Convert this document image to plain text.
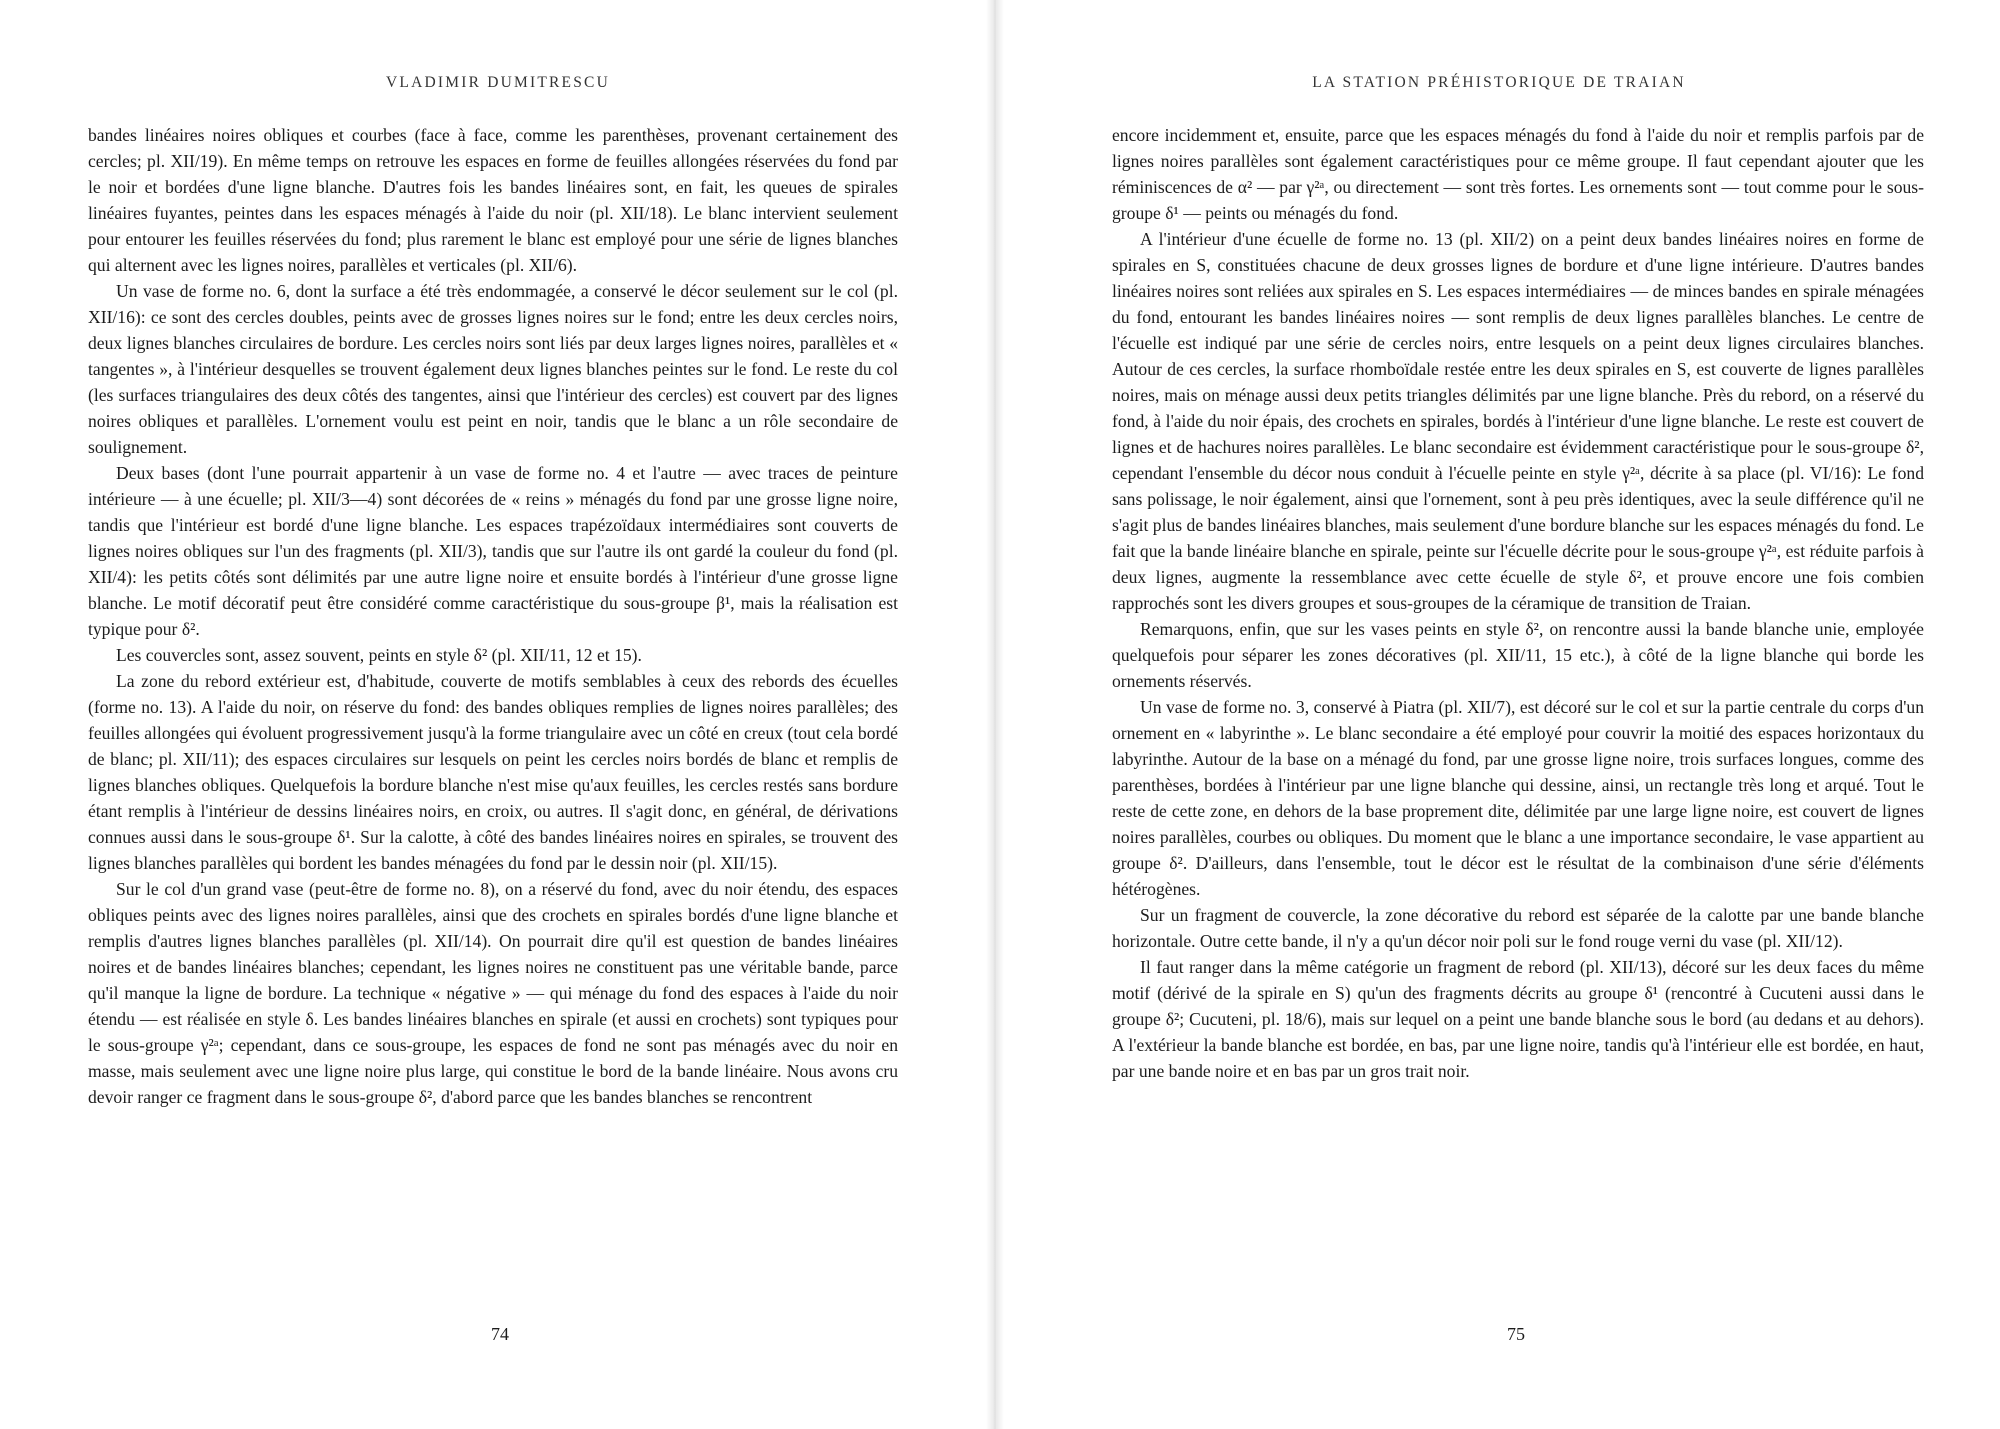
VLADIMIR DUMITRESCU

bandes linéaires noires obliques et courbes (face à face, comme les parenthèses, provenant certainement des cercles; pl. XII/19). En même temps on retrouve les espaces en forme de feuilles allongées réservées du fond par le noir et bordées d'une ligne blanche. D'autres fois les bandes linéaires sont, en fait, les queues de spirales linéaires fuyantes, peintes dans les espaces ménagés à l'aide du noir (pl. XII/18). Le blanc intervient seulement pour entourer les feuilles réservées du fond; plus rarement le blanc est employé pour une série de lignes blanches qui alternent avec les lignes noires, parallèles et verticales (pl. XII/6).

Un vase de forme no. 6, dont la surface a été très endommagée, a conservé le décor seulement sur le col (pl. XII/16): ce sont des cercles doubles, peints avec de grosses lignes noires sur le fond; entre les deux cercles noirs, deux lignes blanches circulaires de bordure. Les cercles noirs sont liés par deux larges lignes noires, parallèles et « tangentes », à l'intérieur desquelles se trouvent également deux lignes blanches peintes sur le fond. Le reste du col (les surfaces triangulaires des deux côtés des tangentes, ainsi que l'intérieur des cercles) est couvert par des lignes noires obliques et parallèles. L'ornement voulu est peint en noir, tandis que le blanc a un rôle secondaire de soulignement.

Deux bases (dont l'une pourrait appartenir à un vase de forme no. 4 et l'autre — avec traces de peinture intérieure — à une écuelle; pl. XII/3—4) sont décorées de « reins » ménagés du fond par une grosse ligne noire, tandis que l'intérieur est bordé d'une ligne blanche. Les espaces trapézoïdaux intermédiaires sont couverts de lignes noires obliques sur l'un des fragments (pl. XII/3), tandis que sur l'autre ils ont gardé la couleur du fond (pl. XII/4): les petits côtés sont délimités par une autre ligne noire et ensuite bordés à l'intérieur d'une grosse ligne blanche. Le motif décoratif peut être considéré comme caractéristique du sous-groupe β¹, mais la réalisation est typique pour δ².

Les couvercles sont, assez souvent, peints en style δ² (pl. XII/11, 12 et 15).

La zone du rebord extérieur est, d'habitude, couverte de motifs semblables à ceux des rebords des écuelles (forme no. 13). A l'aide du noir, on réserve du fond: des bandes obliques remplies de lignes noires parallèles; des feuilles allongées qui évoluent progressivement jusqu'à la forme triangulaire avec un côté en creux (tout cela bordé de blanc; pl. XII/11); des espaces circulaires sur lesquels on peint les cercles noirs bordés de blanc et remplis de lignes blanches obliques. Quelquefois la bordure blanche n'est mise qu'aux feuilles, les cercles restés sans bordure étant remplis à l'intérieur de dessins linéaires noirs, en croix, ou autres. Il s'agit donc, en général, de dérivations connues aussi dans le sous-groupe δ¹. Sur la calotte, à côté des bandes linéaires noires en spirales, se trouvent des lignes blanches parallèles qui bordent les bandes ménagées du fond par le dessin noir (pl. XII/15).

Sur le col d'un grand vase (peut-être de forme no. 8), on a réservé du fond, avec du noir étendu, des espaces obliques peints avec des lignes noires parallèles, ainsi que des crochets en spirales bordés d'une ligne blanche et remplis d'autres lignes blanches parallèles (pl. XII/14). On pourrait dire qu'il est question de bandes linéaires noires et de bandes linéaires blanches; cependant, les lignes noires ne constituent pas une véritable bande, parce qu'il manque la ligne de bordure. La technique « négative » — qui ménage du fond des espaces à l'aide du noir étendu — est réalisée en style δ. Les bandes linéaires blanches en spirale (et aussi en crochets) sont typiques pour le sous-groupe γ²ᵃ; cependant, dans ce sous-groupe, les espaces de fond ne sont pas ménagés avec du noir en masse, mais seulement avec une ligne noire plus large, qui constitue le bord de la bande linéaire. Nous avons cru devoir ranger ce fragment dans le sous-groupe δ², d'abord parce que les bandes blanches se rencontrent

74
LA STATION PRÉHISTORIQUE DE TRAIAN

encore incidemment et, ensuite, parce que les espaces ménagés du fond à l'aide du noir et remplis parfois par de lignes noires parallèles sont également caractéristiques pour ce même groupe. Il faut cependant ajouter que les réminiscences de α² — par γ²ᵃ, ou directement — sont très fortes. Les ornements sont — tout comme pour le sous-groupe δ¹ — peints ou ménagés du fond.

A l'intérieur d'une écuelle de forme no. 13 (pl. XII/2) on a peint deux bandes linéaires noires en forme de spirales en S, constituées chacune de deux grosses lignes de bordure et d'une ligne intérieure. D'autres bandes linéaires noires sont reliées aux spirales en S. Les espaces intermédiaires — de minces bandes en spirale ménagées du fond, entourant les bandes linéaires noires — sont remplis de deux lignes parallèles blanches. Le centre de l'écuelle est indiqué par une série de cercles noirs, entre lesquels on a peint deux lignes circulaires blanches. Autour de ces cercles, la surface rhomboïdale restée entre les deux spirales en S, est couverte de lignes parallèles noires, mais on ménage aussi deux petits triangles délimités par une ligne blanche. Près du rebord, on a réservé du fond, à l'aide du noir épais, des crochets en spirales, bordés à l'intérieur d'une ligne blanche. Le reste est couvert de lignes et de hachures noires parallèles. Le blanc secondaire est évidemment caractéristique pour le sous-groupe δ², cependant l'ensemble du décor nous conduit à l'écuelle peinte en style γ²ᵃ, décrite à sa place (pl. VI/16): Le fond sans polissage, le noir également, ainsi que l'ornement, sont à peu près identiques, avec la seule différence qu'il ne s'agit plus de bandes linéaires blanches, mais seulement d'une bordure blanche sur les espaces ménagés du fond. Le fait que la bande linéaire blanche en spirale, peinte sur l'écuelle décrite pour le sous-groupe γ²ᵃ, est réduite parfois à deux lignes, augmente la ressemblance avec cette écuelle de style δ², et prouve encore une fois combien rapprochés sont les divers groupes et sous-groupes de la céramique de transition de Traian.

Remarquons, enfin, que sur les vases peints en style δ², on rencontre aussi la bande blanche unie, employée quelquefois pour séparer les zones décoratives (pl. XII/11, 15 etc.), à côté de la ligne blanche qui borde les ornements réservés.

Un vase de forme no. 3, conservé à Piatra (pl. XII/7), est décoré sur le col et sur la partie centrale du corps d'un ornement en « labyrinthe ». Le blanc secondaire a été employé pour couvrir la moitié des espaces horizontaux du labyrinthe. Autour de la base on a ménagé du fond, par une grosse ligne noire, trois surfaces longues, comme des parenthèses, bordées à l'intérieur par une ligne blanche qui dessine, ainsi, un rectangle très long et arqué. Tout le reste de cette zone, en dehors de la base proprement dite, délimitée par une large ligne noire, est couvert de lignes noires parallèles, courbes ou obliques. Du moment que le blanc a une importance secondaire, le vase appartient au groupe δ². D'ailleurs, dans l'ensemble, tout le décor est le résultat de la combinaison d'une série d'éléments hétérogènes.

Sur un fragment de couvercle, la zone décorative du rebord est séparée de la calotte par une bande blanche horizontale. Outre cette bande, il n'y a qu'un décor noir poli sur le fond rouge verni du vase (pl. XII/12).

Il faut ranger dans la même catégorie un fragment de rebord (pl. XII/13), décoré sur les deux faces du même motif (dérivé de la spirale en S) qu'un des fragments décrits au groupe δ¹ (rencontré à Cucuteni aussi dans le groupe δ²; Cucuteni, pl. 18/6), mais sur lequel on a peint une bande blanche sous le bord (au dedans et au dehors). A l'extérieur la bande blanche est bordée, en bas, par une ligne noire, tandis qu'à l'intérieur elle est bordée, en haut, par une bande noire et en bas par un gros trait noir.

75
